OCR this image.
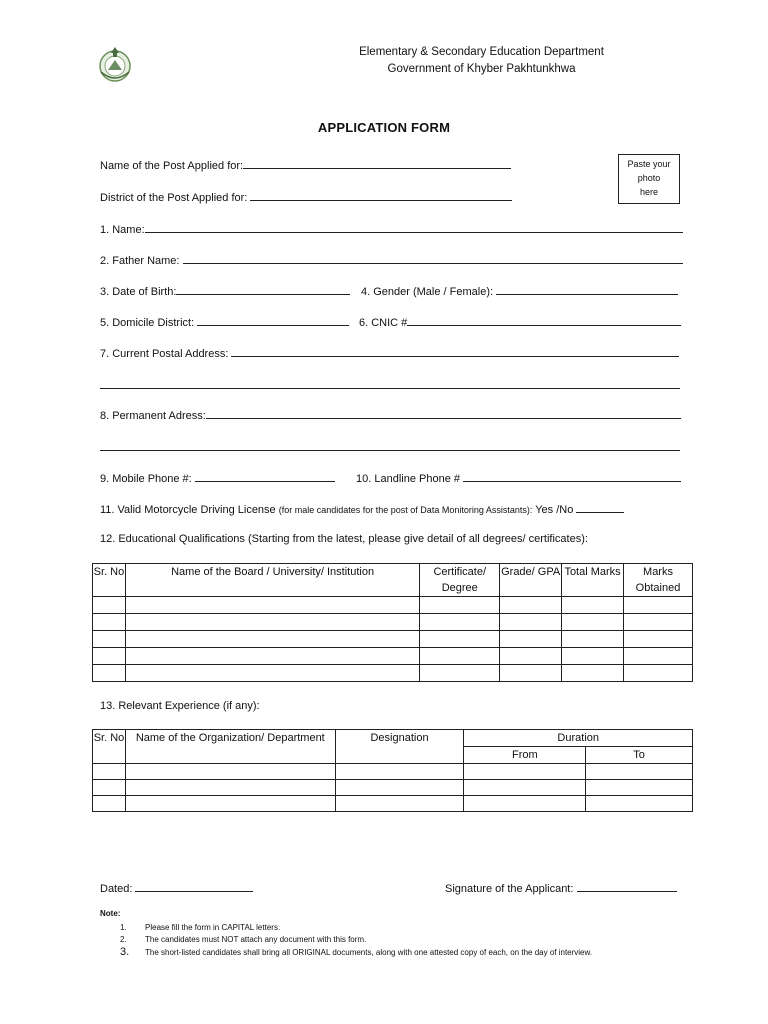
Elementary & Secondary Education Department
Government of Khyber Pakhtunkhwa
APPLICATION FORM
Paste your
photo
here
Name of the Post Applied for:
District of the Post Applied for:
1. Name:
2. Father Name:
3. Date of Birth:	4. Gender (Male / Female):
5. Domicile District:	6. CNIC #
7. Current Postal Address:
8. Permanent Adress:
9. Mobile Phone #:	10. Landline Phone #
11. Valid Motorcycle Driving License (for male candidates for the post of Data Monitoring Assistants): Yes /No
12. Educational Qualifications (Starting from the latest, please give detail of all degrees/ certificates):
Sr. No	Name of the Board / University/ Institution	Certificate/ Degree	Grade/ GPA	Total Marks	Marks Obtained

13. Relevant Experience (if any):
Sr. No	Name of the Organization/ Department	Designation	Duration	
			From	To

Dated:	Signature of the Applicant:
Note:
1. Please fill the form in CAPITAL letters.
2. The candidates must NOT attach any document with this form.
3. The short-listed candidates shall bring all ORIGINAL documents, along with one attested copy of each, on the day of interview.
